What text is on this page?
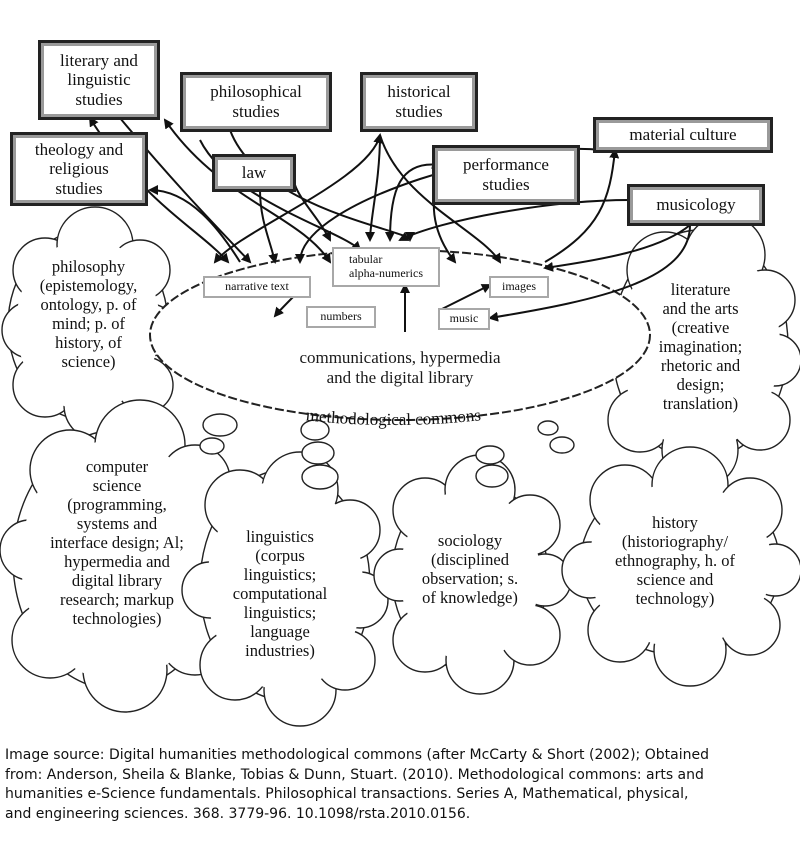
methodological commons
literary and
linguistic
studies	philosophical
studies
historical
studies
material culture
theology and
religious
studies
law	performance
studies
musicology
narrative text
tabular
alpha-numerics
images
numbers	music
communications, hypermedia
and the digital library
philosophy
(epistemology,
ontology, p. of
mind; p. of
history, of
science)
literature
and the arts
(creative
imagination;
rhetoric and
design;
translation)
computer
science
(programming,
systems and
interface design; Al;
hypermedia and
digital library
research; markup
technologies)
linguistics
(corpus
linguistics;
computational
linguistics;
language
industries)
sociology
(disciplined
observation; s.
of knowledge)
history
(historiography/
ethnography, h. of
science and
technology)
Image source: Digital humanities methodological commons (after McCarty & Short (2002); Obtained
from: Anderson, Sheila & Blanke, Tobias & Dunn, Stuart. (2010). Methodological commons: arts and
humanities e-Science fundamentals. Philosophical transactions. Series A, Mathematical, physical,
and engineering sciences. 368. 3779-96. 10.1098/rsta.2010.0156.
